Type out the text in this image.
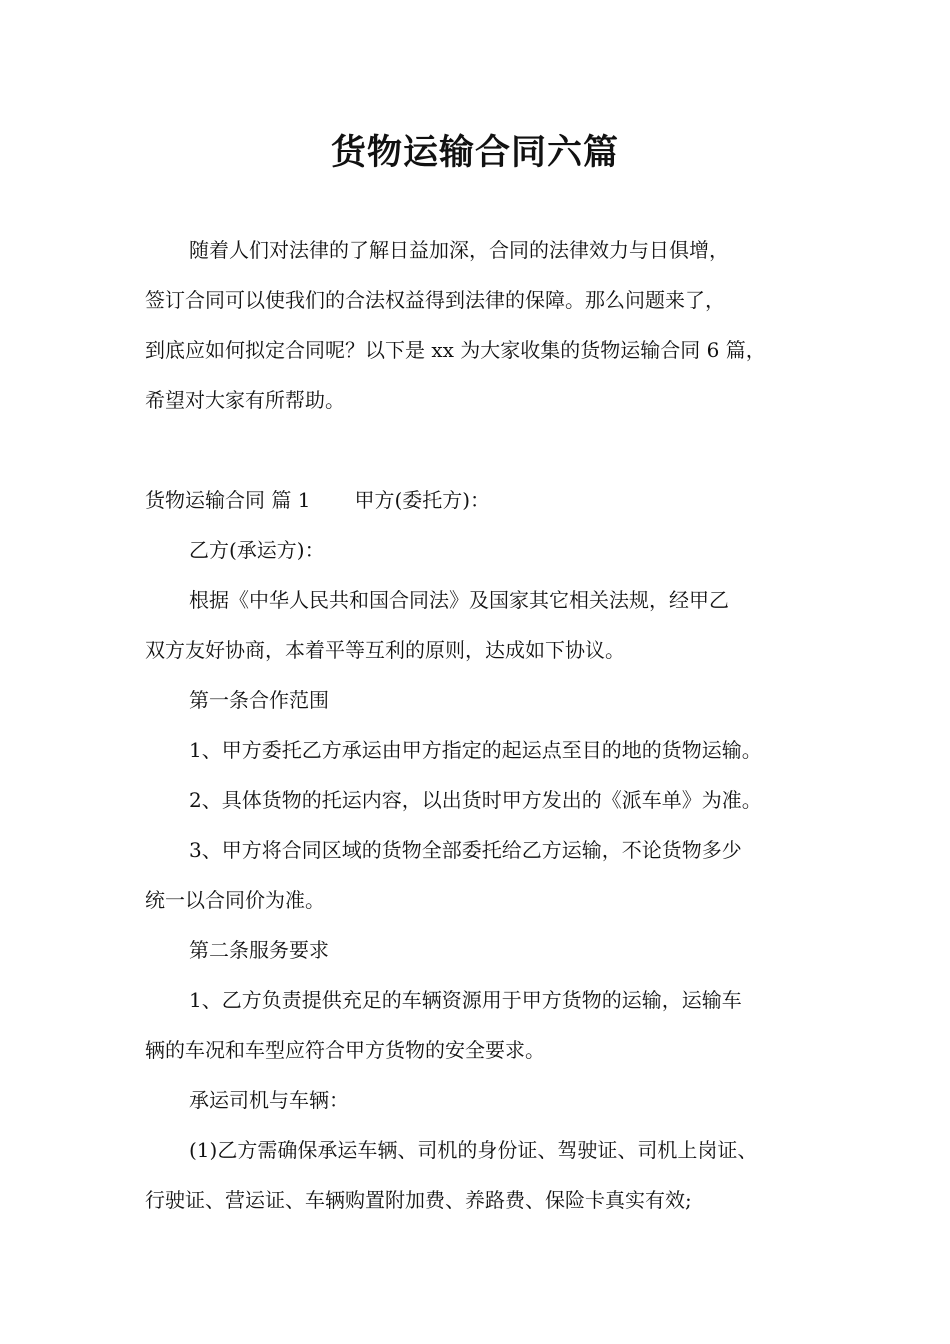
货物运输合同六篇
随着人们对法律的了解日益加深，合同的法律效力与日俱增，
签订合同可以使我们的合法权益得到法律的保障。那么问题来了，
到底应如何拟定合同呢？以下是 xx 为大家收集的货物运输合同 6 篇，
希望对大家有所帮助。
货物运输合同 篇 1 甲方(委托方)：
乙方(承运方)：
根据《中华人民共和国合同法》及国家其它相关法规，经甲乙
双方友好协商，本着平等互利的原则，达成如下协议。
第一条合作范围
1、甲方委托乙方承运由甲方指定的起运点至目的地的货物运输。
2、具体货物的托运内容，以出货时甲方发出的《派车单》为准。
3、甲方将合同区域的货物全部委托给乙方运输，不论货物多少
统一以合同价为准。
第二条服务要求
1、乙方负责提供充足的车辆资源用于甲方货物的运输，运输车
辆的车况和车型应符合甲方货物的安全要求。
承运司机与车辆：
(1)乙方需确保承运车辆、司机的身份证、驾驶证、司机上岗证、
行驶证、营运证、车辆购置附加费、养路费、保险卡真实有效;
